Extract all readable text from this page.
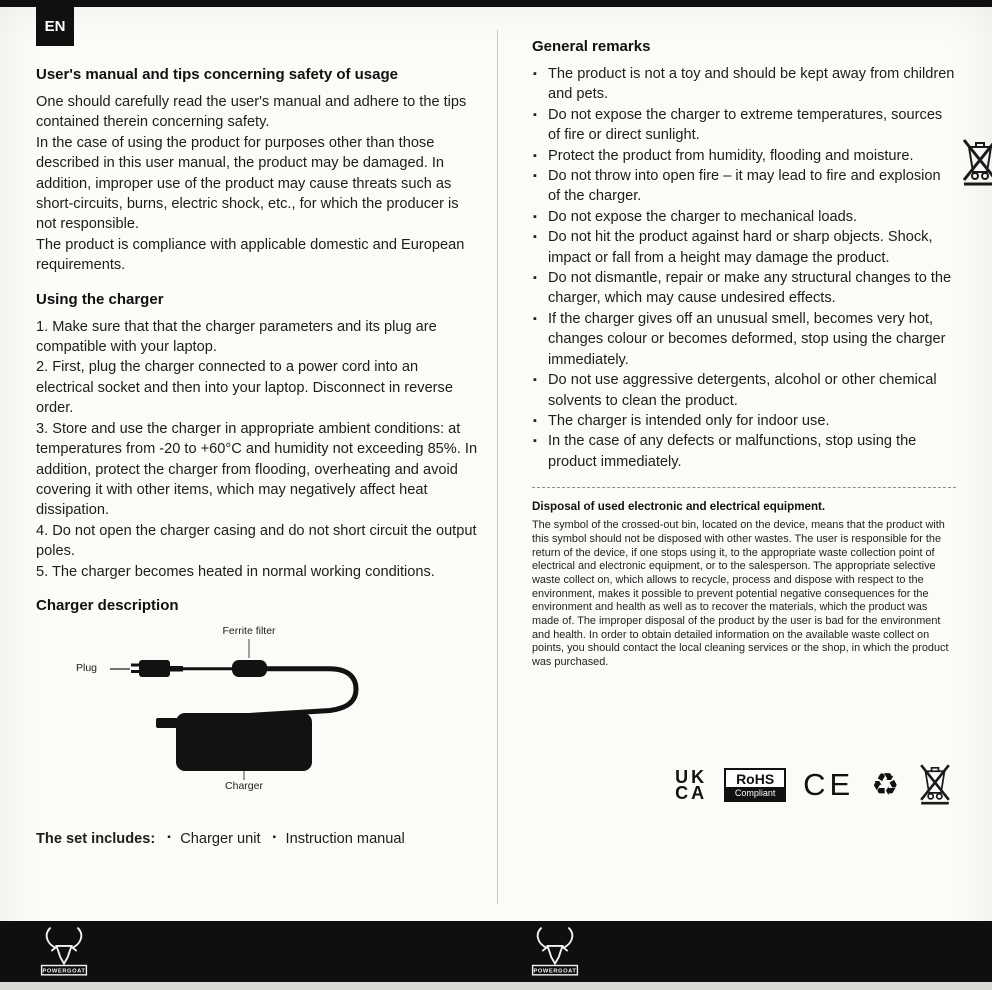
EN
User's manual and tips concerning safety of usage

One should carefully read the user's manual and adhere to the tips contained therein concerning safety.

In the case of using the product for purposes other than those described in this user manual, the product may be damaged. In addition, improper use of the product may cause threats such as short-circuits, burns, electric shock, etc., for which the producer is not responsible.

The product is compliance with applicable domestic and European requirements.

Using the charger
1. Make sure that that the charger parameters and its plug are compatible with your laptop.
2. First, plug the charger connected to a power cord into an electrical socket and then into your laptop. Disconnect in reverse order.
3. Store and use the charger in appropriate ambient conditions: at temperatures from -20 to +60°C and humidity not exceeding 85%. In addition, protect the charger from flooding, overheating and avoid covering it with other items, which may negatively affect heat dissipation.
4. Do not open the charger casing and do not short circuit the output poles.
5. The charger becomes heated in normal working conditions.
Charger description
Ferrite filter
Plug
Charger
The set includes:	▪ Charger unit	▪ Instruction manual
General remarks
▪ The product is not a toy and should be kept away from children and pets.
▪ Do not expose the charger to extreme temperatures, sources of fire or direct sunlight.
▪ Protect the product from humidity, flooding and moisture.
▪ Do not throw into open fire – it may lead to fire and explosion of the charger.
▪ Do not expose the charger to mechanical loads.
▪ Do not hit the product against hard or sharp objects. Shock, impact or fall from a height may damage the product.
▪ Do not dismantle, repair or make any structural changes to the charger, which may cause undesired effects.
▪ If the charger gives off an unusual smell, becomes very hot, changes colour or becomes deformed, stop using the charger immediately.
▪ Do not use aggressive detergents, alcohol or other chemical solvents to clean the product.
▪ The charger is intended only for indoor use.
▪ In the case of any defects or malfunctions, stop using the product immediately.
Disposal of used electronic and electrical equipment.

The symbol of the crossed-out bin, located on the device, means that the product with this symbol should not be disposed with other wastes. The user is responsible for the return of the device, if one stops using it, to the appropriate waste collection point of electrical and electronic equipment, or to the salesperson. The appropriate selective waste collect on, which allows to recycle, process and dispose with respect to the environment, makes it possible to prevent potential negative consequences for the environment and health as well as to recover the materials, which the product was made of. The improper disposal of the product by the user is bad for the environment and health. In order to obtain detailed information on the available waste collect on points, you should contact the local cleaning services or the shop, in which the product was purchased.

UK
CA
RoHS
Compliant CE ♻
POWERGOAT	POWERGOAT
